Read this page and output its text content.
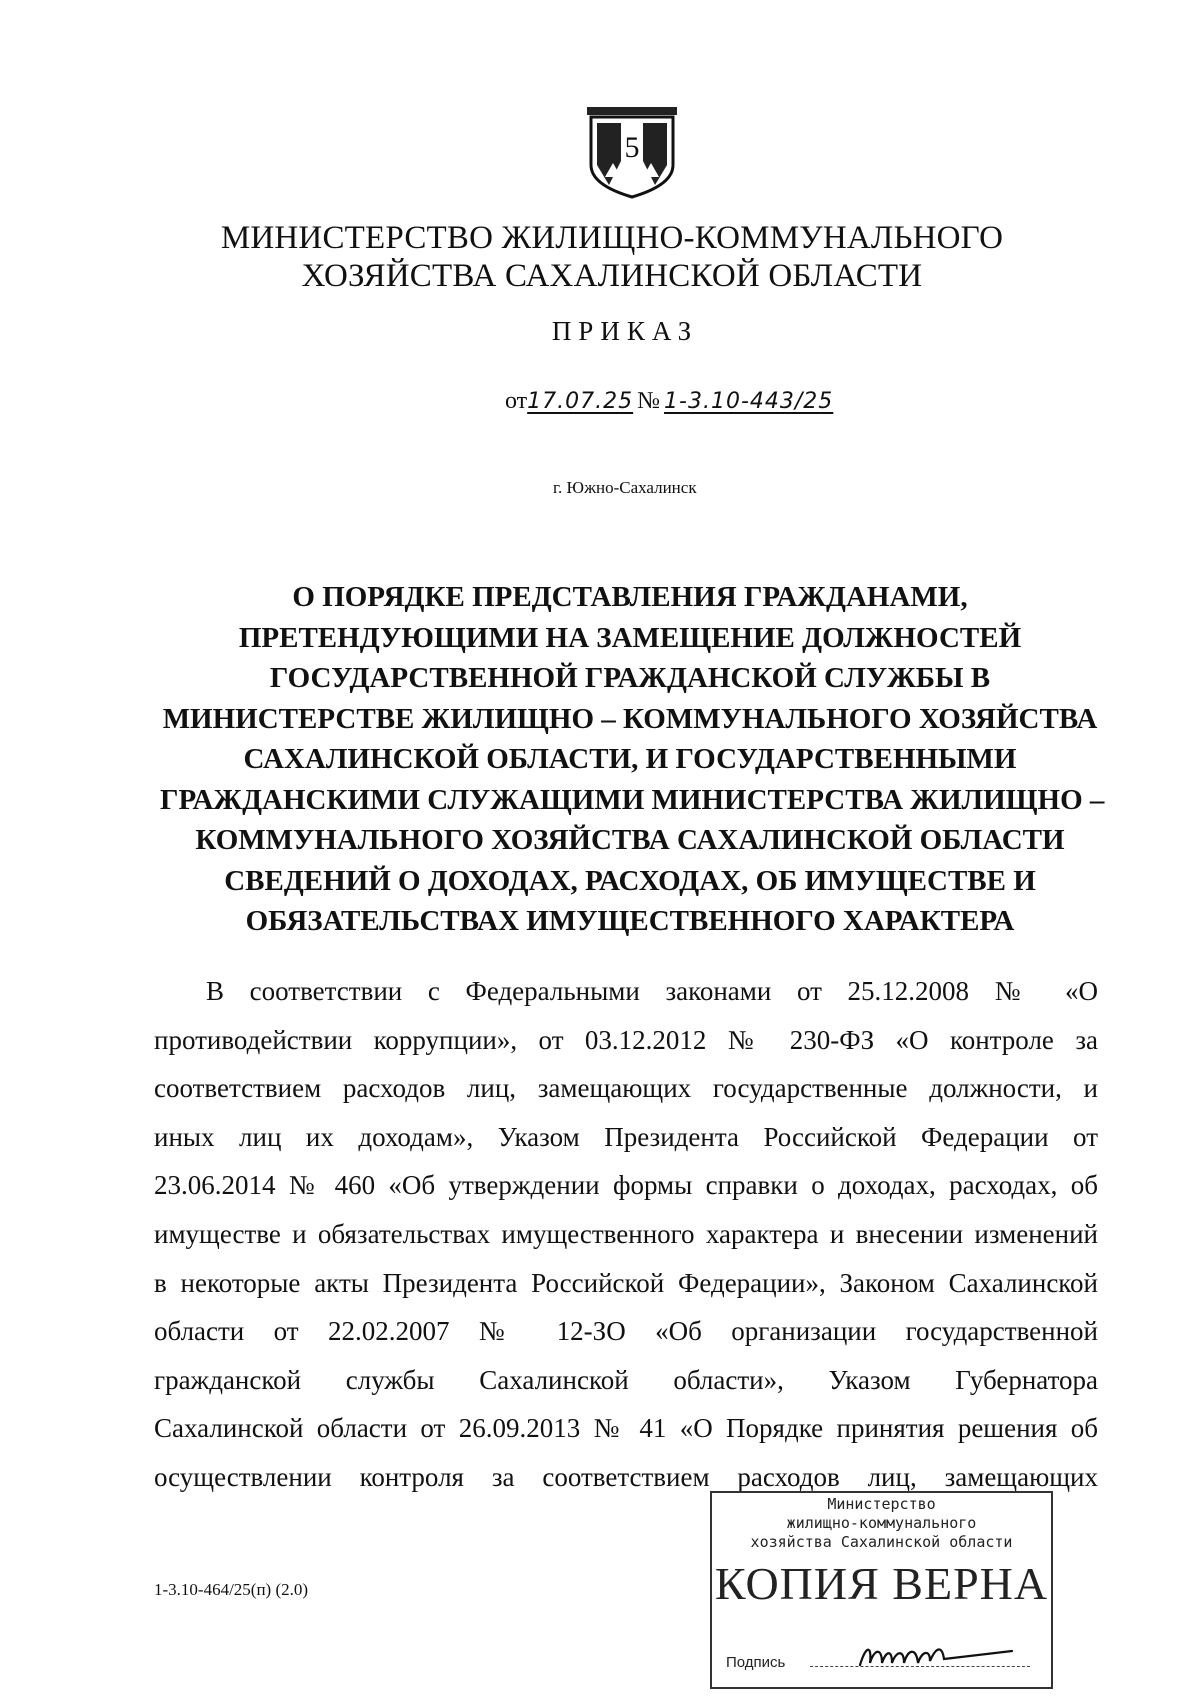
5
МИНИСТЕРСТВО ЖИЛИЩНО-КОММУНАЛЬНОГО
ХОЗЯЙСТВА САХАЛИНСКОЙ ОБЛАСТИ
ПРИКАЗ
от17.07.25 № 1-3.10-443/25
г. Южно-Сахалинск
О ПОРЯДКЕ ПРЕДСТАВЛЕНИЯ ГРАЖДАНАМИ,
ПРЕТЕНДУЮЩИМИ НА ЗАМЕЩЕНИЕ ДОЛЖНОСТЕЙ
ГОСУДАРСТВЕННОЙ ГРАЖДАНСКОЙ СЛУЖБЫ В
МИНИСТЕРСТВЕ ЖИЛИЩНО – КОММУНАЛЬНОГО ХОЗЯЙСТВА
САХАЛИНСКОЙ ОБЛАСТИ, И ГОСУДАРСТВЕННЫМИ
ГРАЖДАНСКИМИ СЛУЖАЩИМИ МИНИСТЕРСТВА ЖИЛИЩНО –
КОММУНАЛЬНОГО ХОЗЯЙСТВА САХАЛИНСКОЙ ОБЛАСТИ
СВЕДЕНИЙ О ДОХОДАХ, РАСХОДАХ, ОБ ИМУЩЕСТВЕ И
ОБЯЗАТЕЛЬСТВАХ ИМУЩЕСТВЕННОГО ХАРАКТЕРА
В соответствии с Федеральными законами от 25.12.2008 № «О
противодействии коррупции», от 03.12.2012 № 230-ФЗ «О контроле за
соответствием расходов лиц, замещающих государственные должности, и
иных лиц их доходам», Указом Президента Российской Федерации от
23.06.2014 № 460 «Об утверждении формы справки о доходах, расходах, об
имуществе и обязательствах имущественного характера и внесении изменений
в некоторые акты Президента Российской Федерации», Законом Сахалинской
области от 22.02.2007 № 12-ЗО «Об организации государственной
гражданской службы Сахалинской области», Указом Губернатора
Сахалинской области от 26.09.2013 № 41 «О Порядке принятия решения об
осуществлении контроля за соответствием расходов лиц, замещающих
1-3.10-464/25(п) (2.0)
Министерство
жилищно-коммунального
хозяйства Сахалинской области
КОПИЯ ВЕРНА
Подпись
